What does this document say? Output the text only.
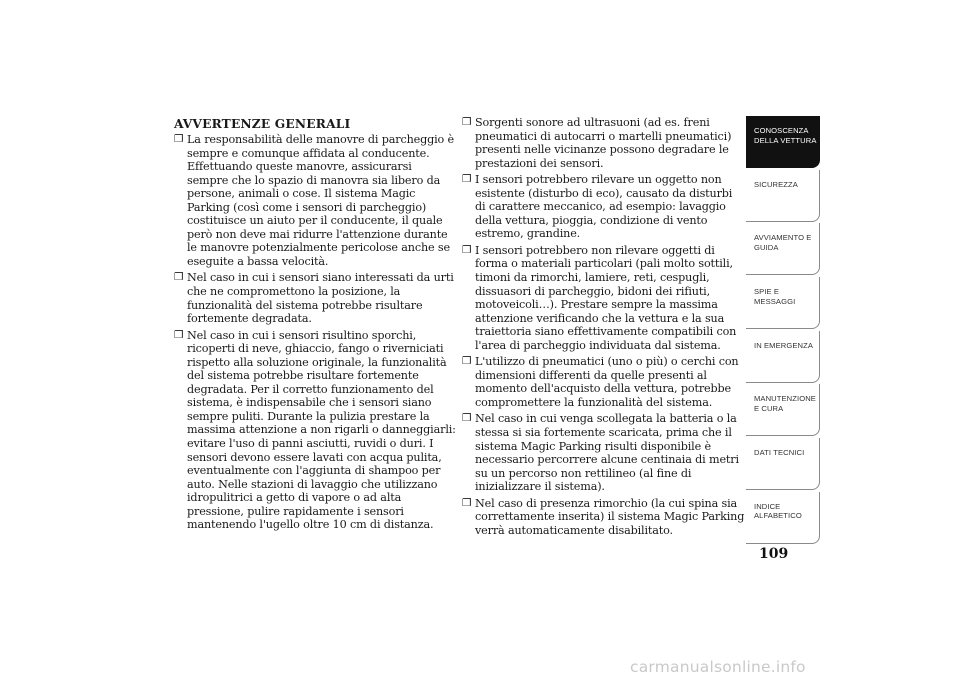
AVVERTENZE GENERALI
❒ La responsabilità delle manovre di parcheggio è sempre e comunque affidata al conducente. Effettuando queste manovre, assicurarsi sempre che lo spazio di manovra sia libero da persone, animali o cose. Il sistema Magic Parking (così come i sensori di parcheggio) costituisce un aiuto per il conducente, il quale però non deve mai ridurre l'attenzione durante le manovre potenzialmente pericolose anche se eseguite a bassa velocità.
❒ Nel caso in cui i sensori siano interessati da urti che ne compromettono la posizione, la funzionalità del sistema potrebbe risultare fortemente degradata.
❒ Nel caso in cui i sensori risultino sporchi, ricoperti di neve, ghiaccio, fango o riverniciati rispetto alla soluzione originale, la funzionalità del sistema potrebbe risultare fortemente degradata. Per il corretto funzionamento del sistema, è indispensabile che i sensori siano sempre puliti. Durante la pulizia prestare la massima attenzione a non rigarli o danneggiarli: evitare l'uso di panni asciutti, ruvidi o duri. I sensori devono essere lavati con acqua pulita, eventualmente con l'aggiunta di shampoo per auto. Nelle stazioni di lavaggio che utilizzano idropulitrici a getto di vapore o ad alta pressione, pulire rapidamente i sensori mantenendo l'ugello oltre 10 cm di distanza.
❒ Sorgenti sonore ad ultrasuoni (ad es. freni pneumatici di autocarri o martelli pneumatici) presenti nelle vicinanze possono degradare le prestazioni dei sensori.
❒ I sensori potrebbero rilevare un oggetto non esistente (disturbo di eco), causato da disturbi di carattere meccanico, ad esempio: lavaggio della vettura, pioggia, condizione di vento estremo, grandine.
❒ I sensori potrebbero non rilevare oggetti di forma o materiali particolari (pali molto sottili, timoni da rimorchi, lamiere, reti, cespugli, dissuasori di parcheggio, bidoni dei rifiuti, motoveicoli…). Prestare sempre la massima attenzione verificando che la vettura e la sua traiettoria siano effettivamente compatibili con l'area di parcheggio individuata dal sistema.
❒ L'utilizzo di pneumatici (uno o più) o cerchi con dimensioni differenti da quelle presenti al momento dell'acquisto della vettura, potrebbe compromettere la funzionalità del sistema.
❒ Nel caso in cui venga scollegata la batteria o la stessa si sia fortemente scaricata, prima che il sistema Magic Parking risulti disponibile è necessario percorrere alcune centinaia di metri su un percorso non rettilineo (al fine di inizializzare il sistema).
❒ Nel caso di presenza rimorchio (la cui spina sia correttamente inserita) il sistema Magic Parking verrà automaticamente disabilitato.
CONOSCENZA DELLA VETTURA
SICUREZZA
AVVIAMENTO E GUIDA
SPIE E MESSAGGI
IN EMERGENZA
MANUTENZIONE E CURA
DATI TECNICI
INDICE ALFABETICO
109
carmanualsonline.info
